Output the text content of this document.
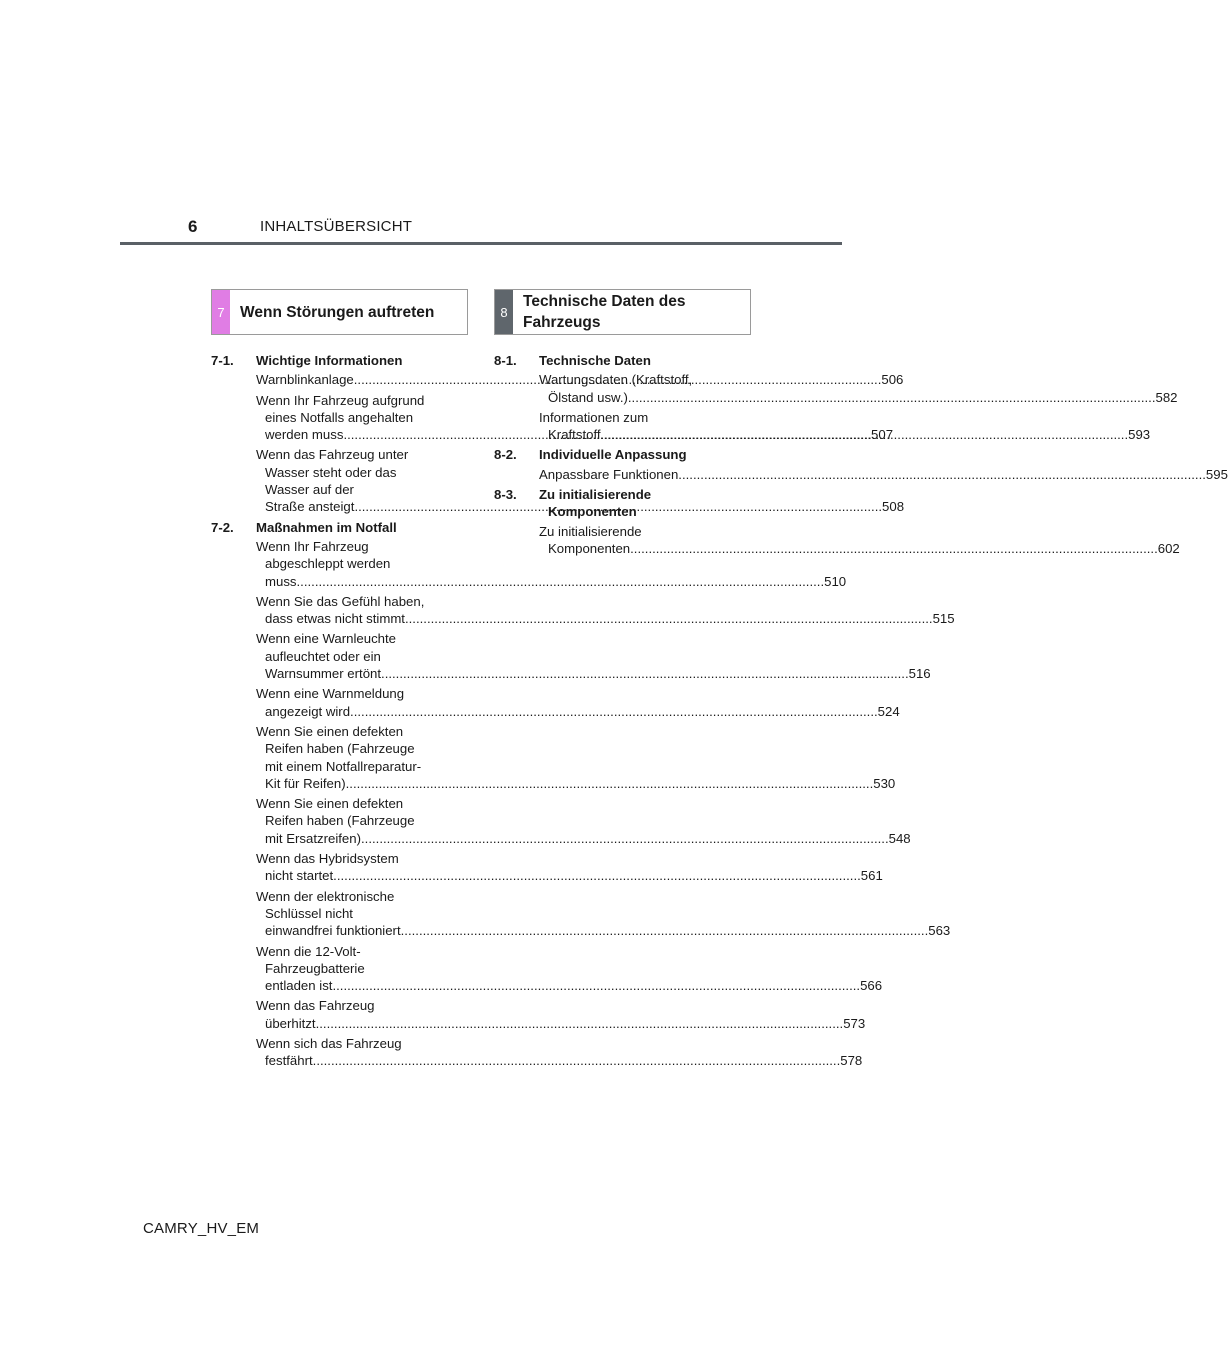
6	INHALTSÜBERSICHT
7 Wenn Störungen auftreten	8
Technische Daten des
Fahrzeugs
7-1.	Wichtige Informationen
Warnblinkanlage .....	506
Wenn Ihr Fahrzeug aufgrund
eines Notfalls angehalten
werden muss .....	507
Wenn das Fahrzeug unter
Wasser steht oder das
Wasser auf der
Straße ansteigt .....	508
7-2.	Maßnahmen im Notfall
Wenn Ihr Fahrzeug
abgeschleppt werden
muss .....	510
Wenn Sie das Gefühl haben,
dass etwas nicht stimmt .....	515
Wenn eine Warnleuchte
aufleuchtet oder ein
Warnsummer ertönt .....	516
Wenn eine Warnmeldung
angezeigt wird .....	524
Wenn Sie einen defekten
Reifen haben (Fahrzeuge
mit einem Notfallreparatur-
Kit für Reifen) .....	530
Wenn Sie einen defekten
Reifen haben (Fahrzeuge
mit Ersatzreifen) .....	548
Wenn das Hybridsystem
nicht startet .....	561
Wenn der elektronische
Schlüssel nicht
einwandfrei funktioniert .....	563
Wenn die 12-Volt-
Fahrzeugbatterie
entladen ist .....	566
Wenn das Fahrzeug
überhitzt .....	573
Wenn sich das Fahrzeug
festfährt .....	578
8-1.	Technische Daten
Wartungsdaten (Kraftstoff,
Ölstand usw.) .....	582
Informationen zum
Kraftstoff .....	593
8-2.	Individuelle Anpassung
Anpassbare Funktionen .....	595
8-3.	Zu initialisierende
Komponenten
Zu initialisierende
Komponenten .....	602
CAMRY_HV_EM
